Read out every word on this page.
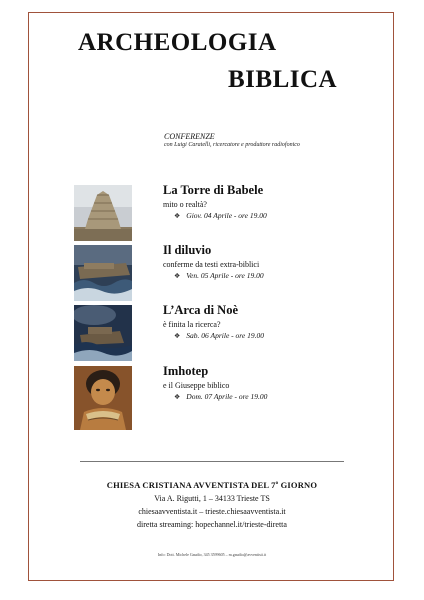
ARCHEOLOGIA
BIBLICA
CONFERENZE
con Luigi Caratelli, ricercatore e produttore radiofonico
La Torre di Babele
mito o realtà?
❖ Giov. 04 Aprile - ore 19.00
Il diluvio
conferme da testi extra-biblici
❖ Ven. 05 Aprile - ore 19.00
L’Arca di Noè
è finita la ricerca?
❖ Sab. 06 Aprile - ore 19.00
Imhotep
e il Giuseppe biblico
❖ Dom. 07 Aprile - ore 19.00
CHIESA CRISTIANA AVVENTISTA DEL 7$^o$ GIORNO
Via A. Rigutti, 1 – 34133 Trieste TS
chiesaavventista.it – trieste.chiesaavventista.it
diretta streaming: hopechannel.it/trieste-diretta
Info: Dott. Michele Gaudio, 345 3599605 – m.gaudio@avventisti.it
